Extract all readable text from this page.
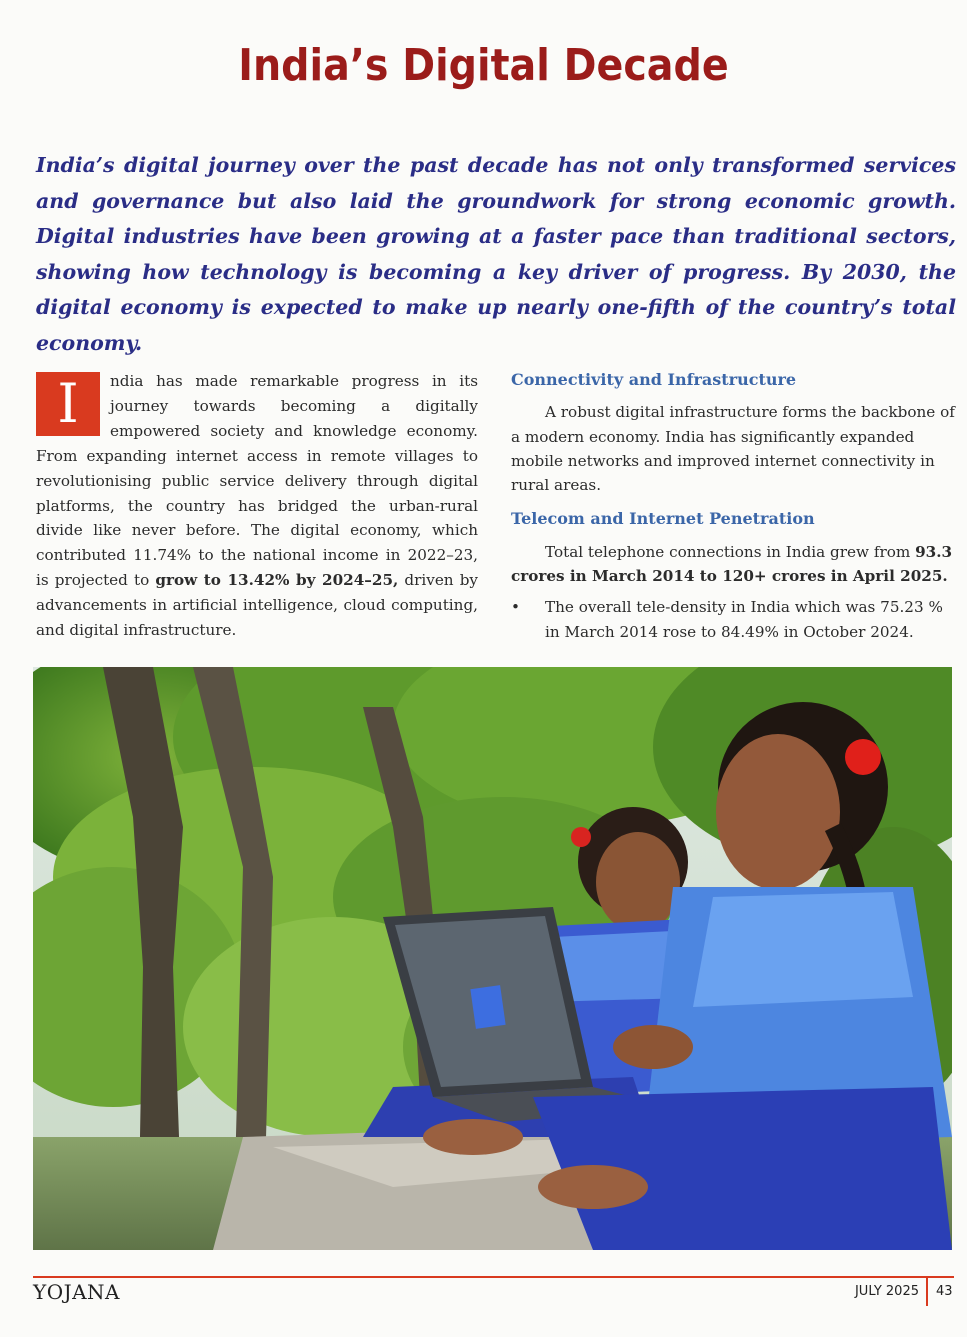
India’s Digital Decade
India’s digital journey over the past decade has not only transformed services and governance but also laid the groundwork for strong economic growth. Digital industries have been growing at a faster pace than traditional sectors, showing how technology is becoming a key driver of progress. By 2030, the digital economy is expected to make up nearly one-fifth of the country’s total economy.
I	ndia has made remarkable progress in its journey towards becoming a digitally empowered society and knowledge economy. From expanding internet access in remote villages to revolutionising public service delivery through digital platforms, the country has bridged the urban-rural divide like never before. The digital economy, which contributed 11.74% to the national income in 2022–23, is projected to grow to 13.42% by 2024–25, driven by advancements in artificial intelligence, cloud computing, and digital infrastructure.
Connectivity and Infrastructure

A robust digital infrastructure forms the backbone of a modern economy. India has significantly expanded mobile networks and improved internet connectivity in rural areas.

Telecom and Internet Penetration

Total telephone connections in India grew from 93.3 crores in March 2014 to 120+ crores in April 2025.

• The overall tele-density in India which was 75.23 % in March 2014 rose to 84.49% in October 2024.
YOJANA	JULY 2025 43
